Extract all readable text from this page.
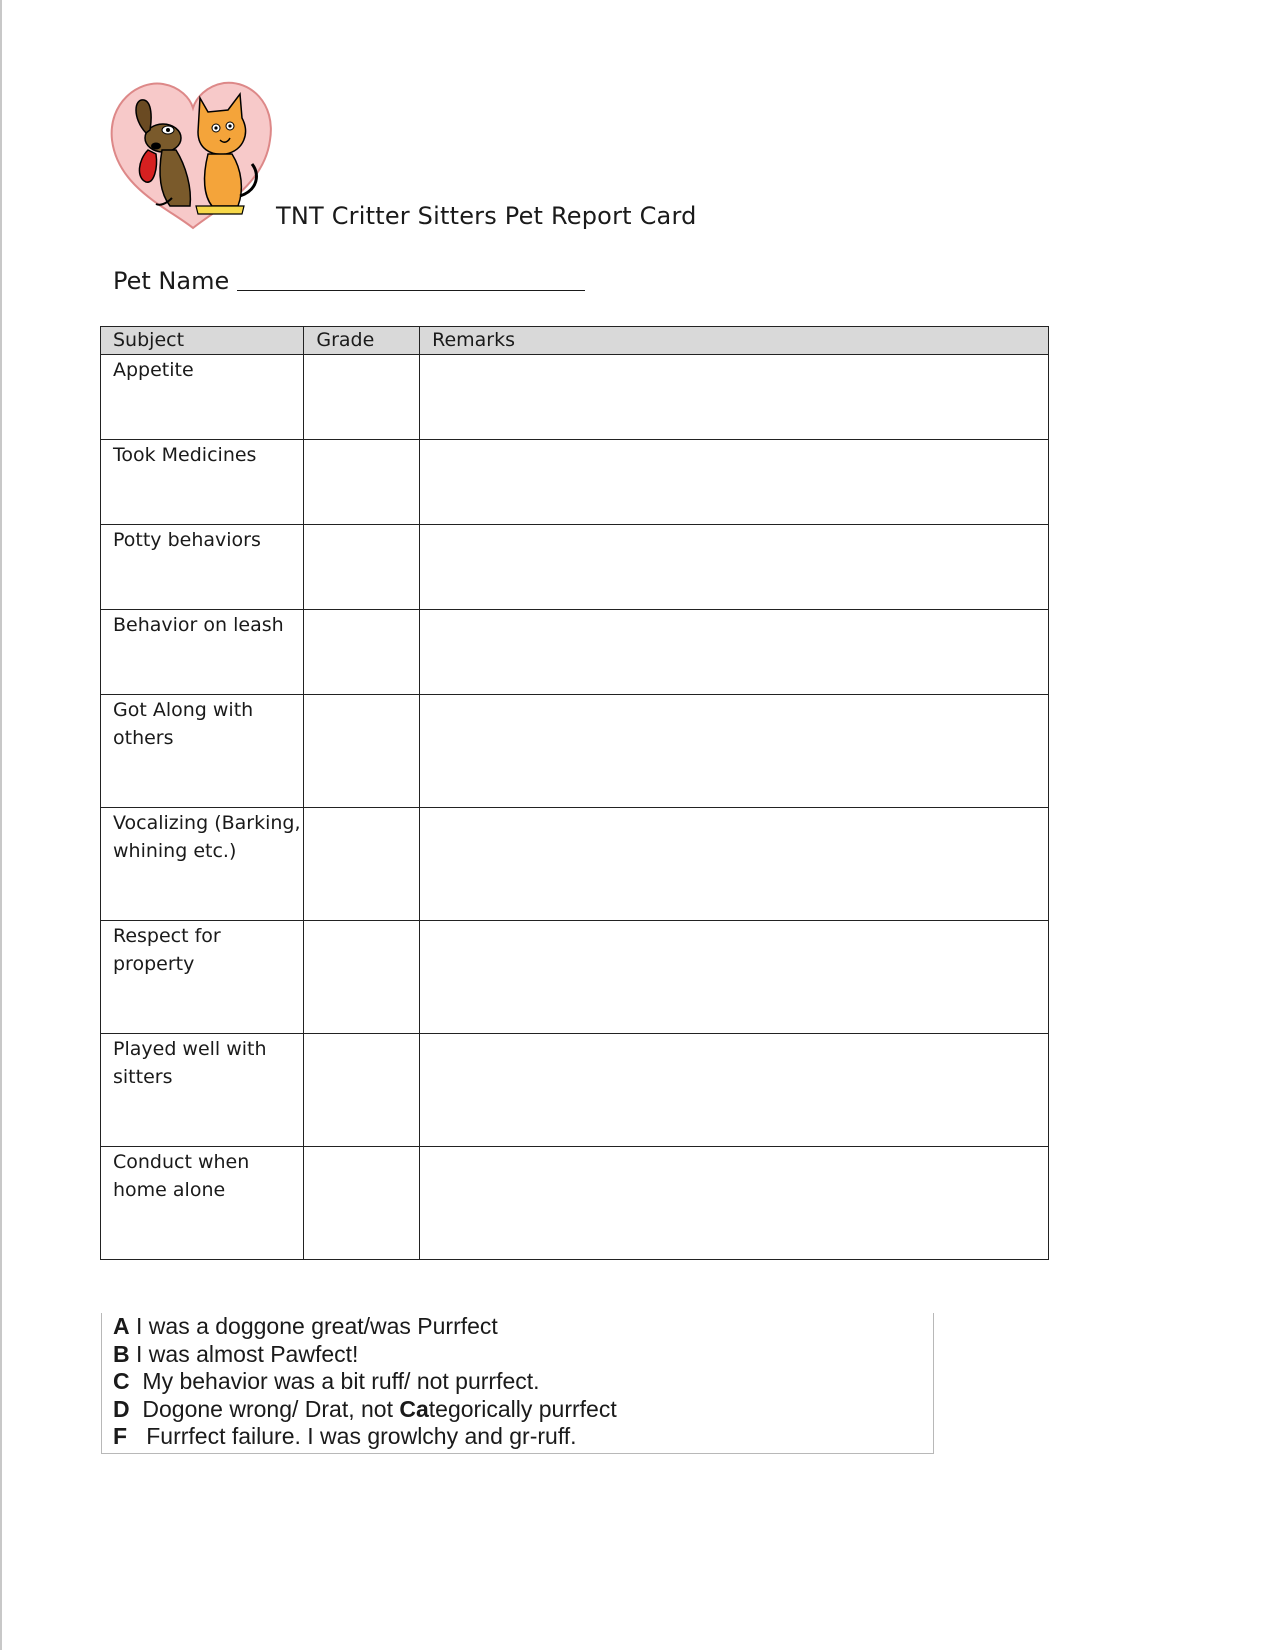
TNT Critter Sitters Pet Report Card
Pet Name
Subject	Grade	Remarks
Appetite		
Took Medicines		
Potty behaviors		
Behavior on leash		
Got Along with others		
Vocalizing (Barking, whining etc.)		
Respect for property		
Played well with sitters		
Conduct when home alone		
A I was a doggone great/was Purrfect
B I was almost Pawfect!
C  My behavior was a bit ruff/ not purrfect.
D  Dogone wrong/ Drat, not Categorically purrfect
F   Furrfect failure. I was growlchy and gr-ruff.
